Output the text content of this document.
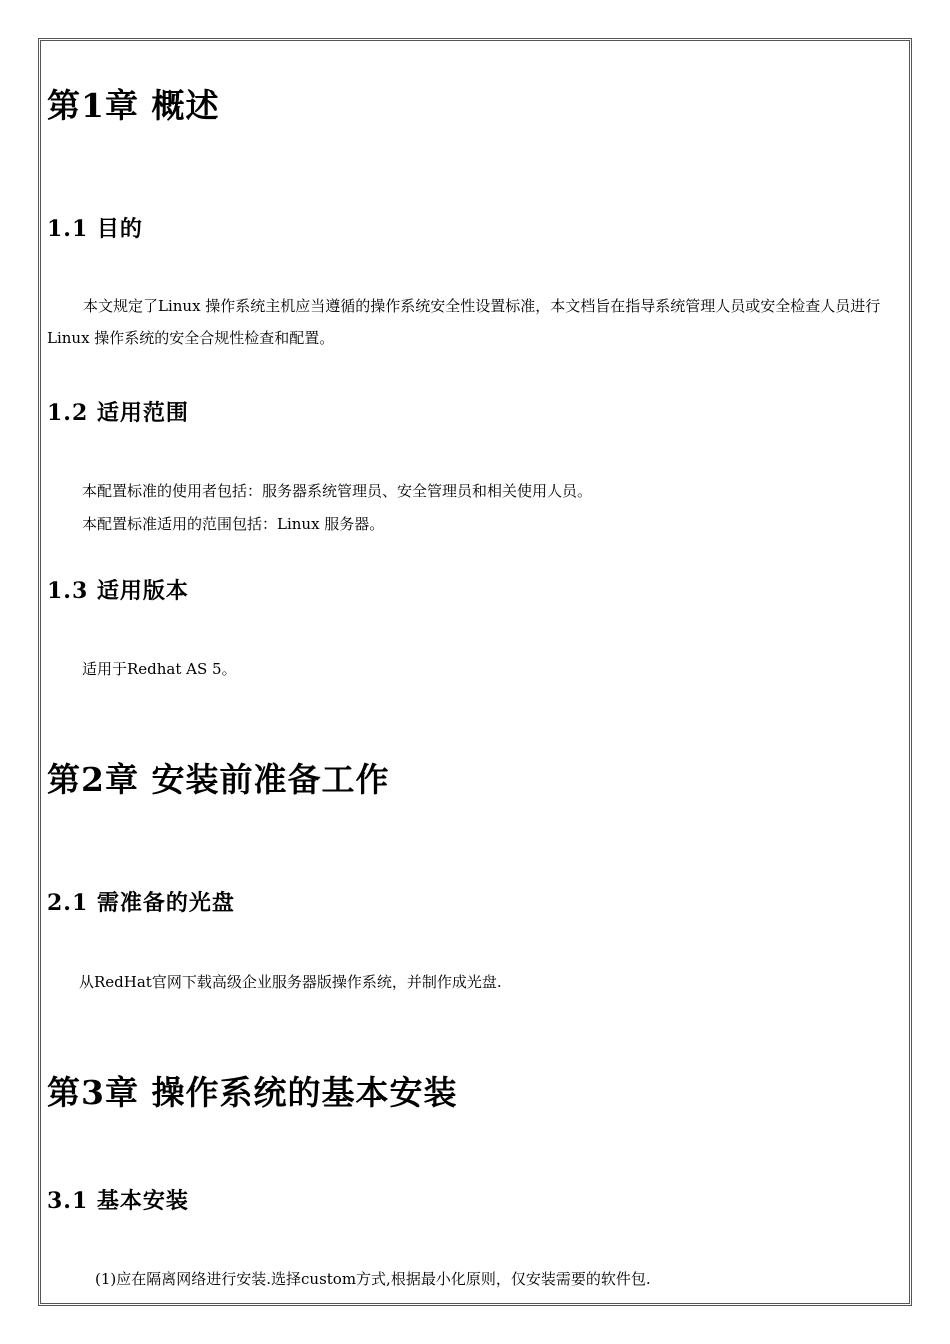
第1章 概述
1.1 目的

本文规定了Linux 操作系统主机应当遵循的操作系统安全性设置标准，本文档旨在指导系统管理人员或安全检查人员进行Linux 操作系统的安全合规性检查和配置。

1.2 适用范围

本配置标准的使用者包括：服务器系统管理员、安全管理员和相关使用人员。

本配置标准适用的范围包括：Linux 服务器。

1.3 适用版本

适用于Redhat AS 5。

第2章 安装前准备工作
2.1 需准备的光盘

从RedHat官网下载高级企业服务器版操作系统，并制作成光盘.

第3章 操作系统的基本安装
3.1 基本安装

(1)应在隔离网络进行安装.选择custom方式,根据最小化原则，仅安装需要的软件包.
